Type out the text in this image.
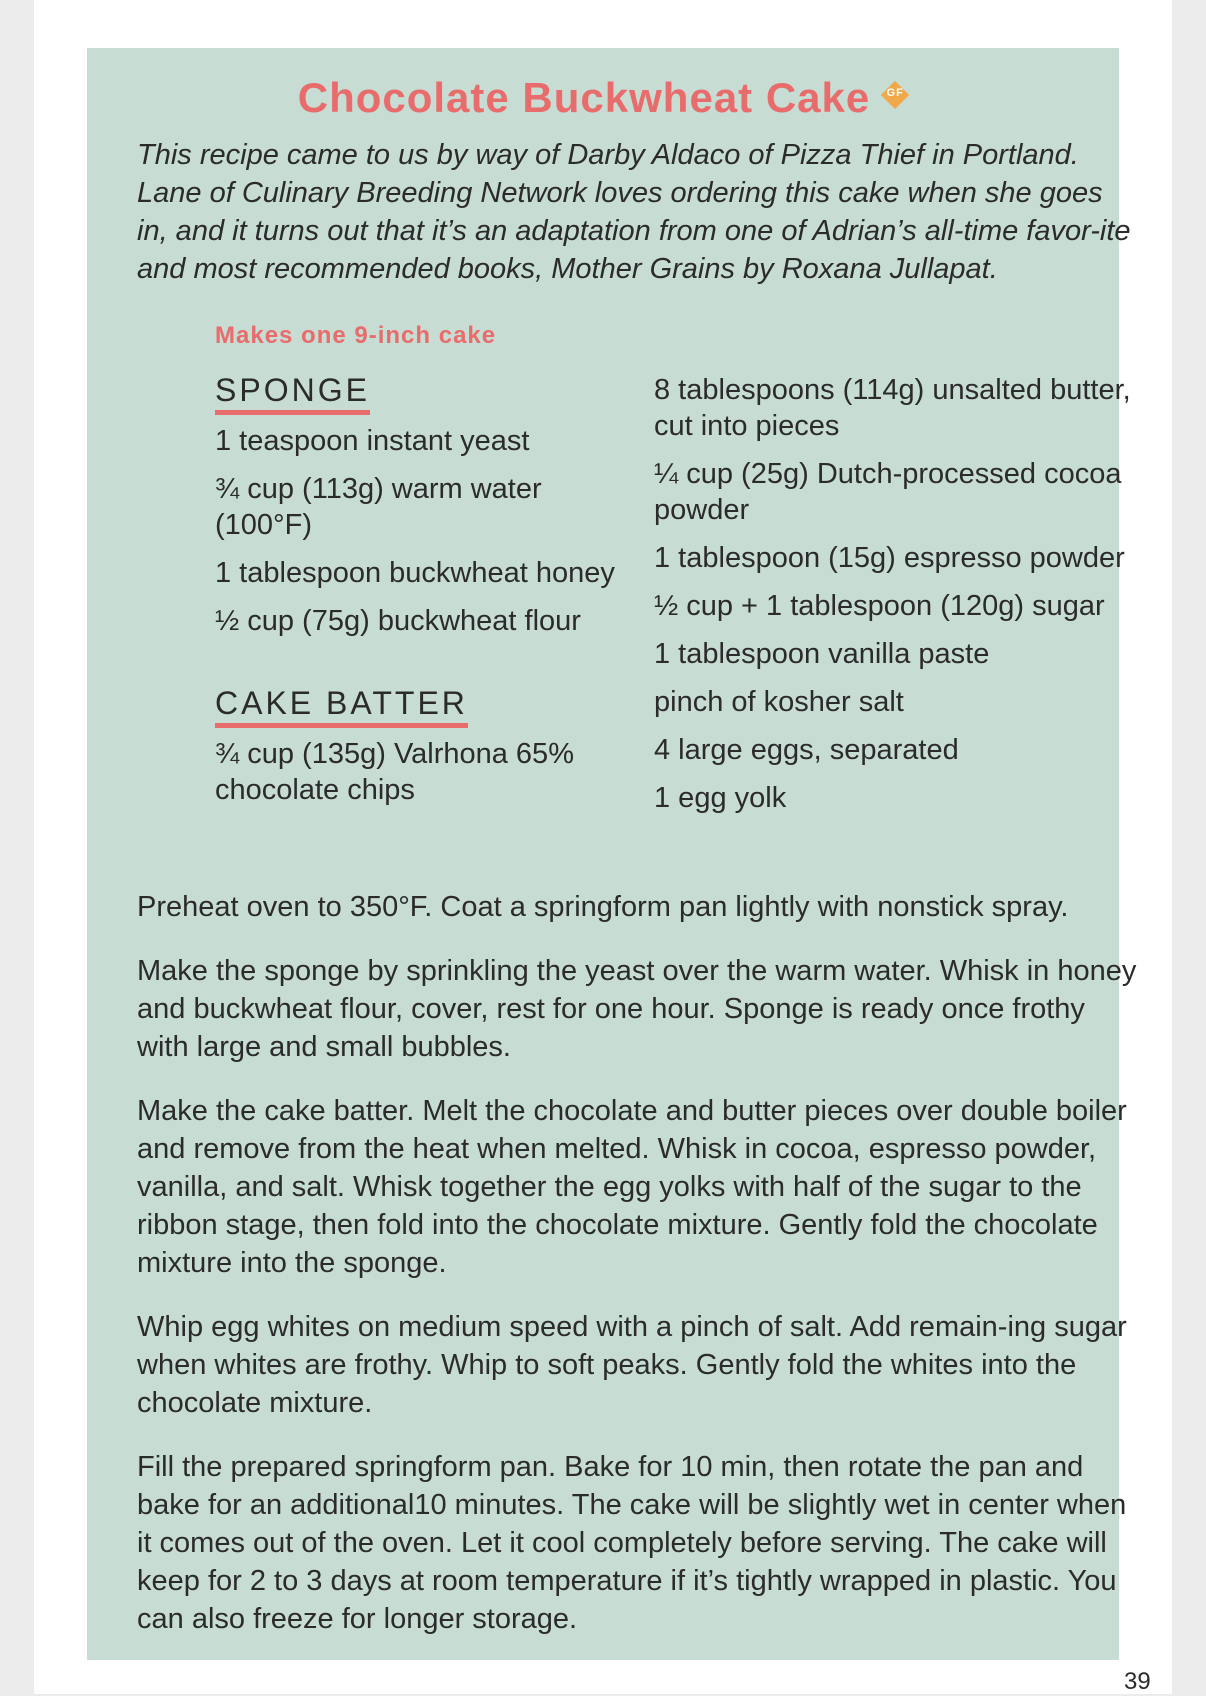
Chocolate Buckwheat Cake	GF
This recipe came to us by way of Darby Aldaco of Pizza Thief in Portland. Lane of Culinary Breeding Network loves ordering this cake when she goes in, and it turns out that it’s an adaptation from one of Adrian’s all-time favor-ite and most recommended books, Mother Grains by Roxana Jullapat.
Makes one 9-inch cake
SPONGE
1 teaspoon instant yeast
¾ cup (113g) warm water (100°F)
1 tablespoon buckwheat honey
½ cup (75g) buckwheat flour
CAKE BATTER
¾ cup (135g) Valrhona 65% chocolate chips
8 tablespoons (114g) unsalted butter, cut into pieces
¼ cup (25g) Dutch-processed cocoa powder
1 tablespoon (15g) espresso powder
½ cup + 1 tablespoon (120g) sugar
1 tablespoon vanilla paste
pinch of kosher salt
4 large eggs, separated
1 egg yolk

Preheat oven to 350°F. Coat a springform pan lightly with nonstick spray.

Make the sponge by sprinkling the yeast over the warm water. Whisk in honey and buckwheat flour, cover, rest for one hour. Sponge is ready once frothy with large and small bubbles.

Make the cake batter. Melt the chocolate and butter pieces over double boiler and remove from the heat when melted. Whisk in cocoa, espresso powder, vanilla, and salt. Whisk together the egg yolks with half of the sugar to the ribbon stage, then fold into the chocolate mixture. Gently fold the chocolate mixture into the sponge.

Whip egg whites on medium speed with a pinch of salt. Add remain-ing sugar when whites are frothy. Whip to soft peaks. Gently fold the whites into the chocolate mixture.

Fill the prepared springform pan. Bake for 10 min, then rotate the pan and bake for an additional10 minutes. The cake will be slightly wet in center when it comes out of the oven. Let it cool completely before serving. The cake will keep for 2 to 3 days at room temperature if it’s tightly wrapped in plastic. You can also freeze for longer storage.

39
